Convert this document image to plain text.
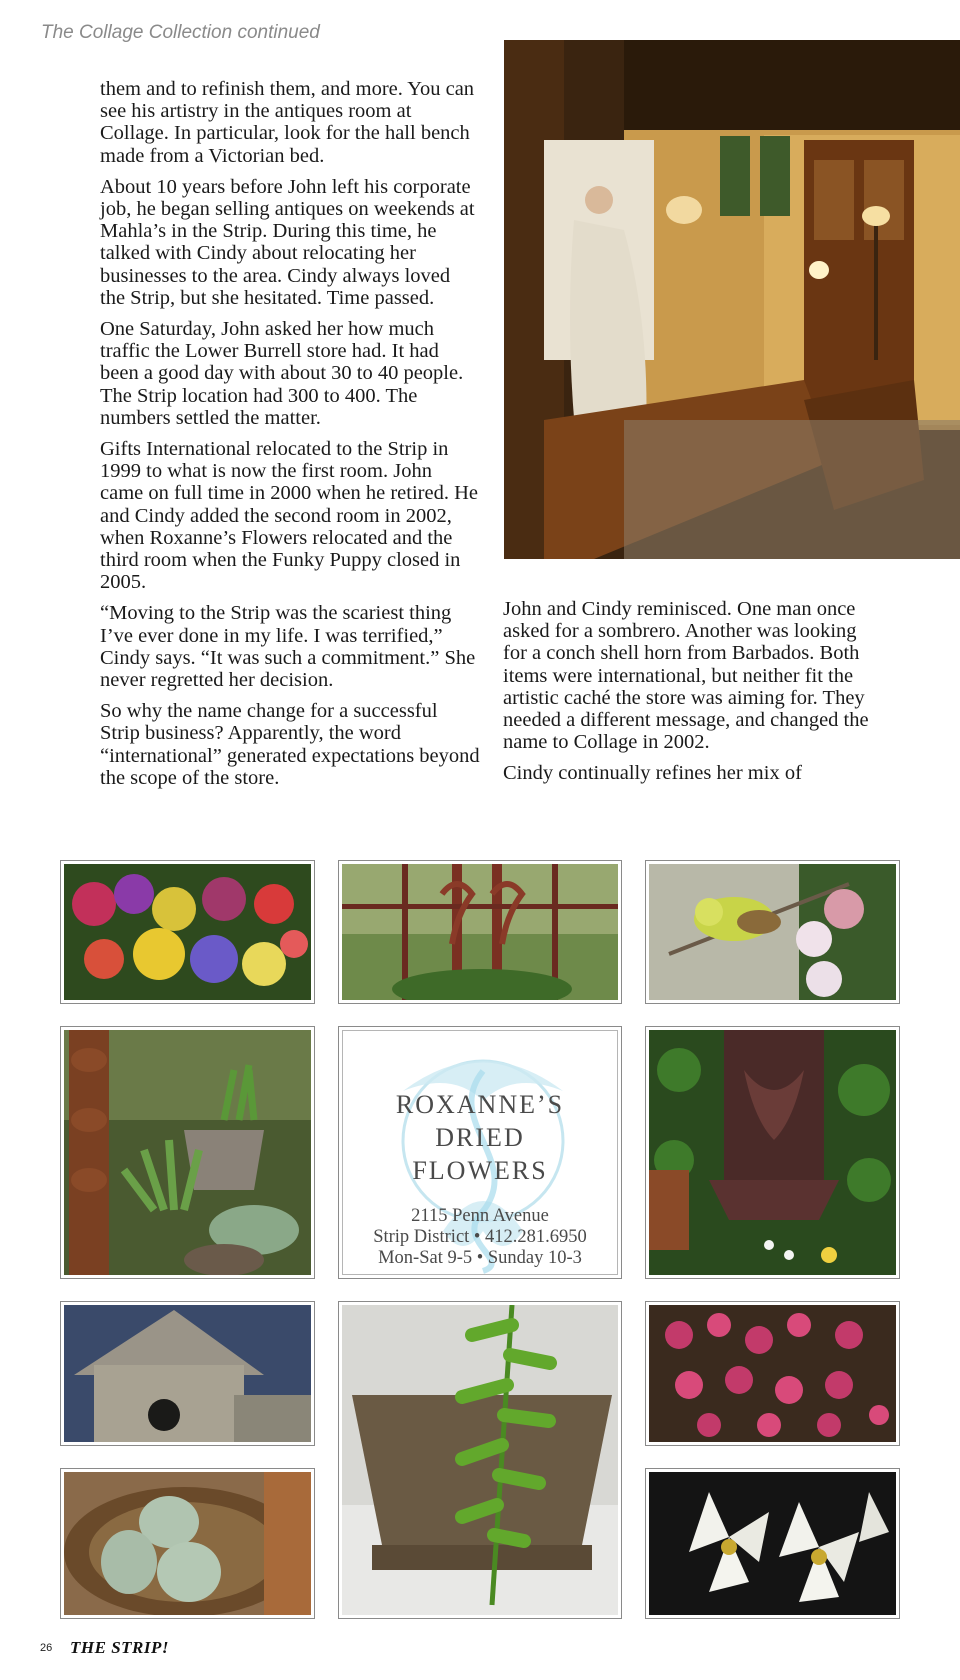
The Collage Collection continued

them and to refinish them, and more. You can see his artistry in the antiques room at Collage. In particular, look for the hall bench made from a Victorian bed.

About 10 years before John left his corporate job, he began selling antiques on weekends at Mahla’s in the Strip. During this time, he talked with Cindy about relocating her businesses to the area. Cindy always loved the Strip, but she hesitated. Time passed.

One Saturday, John asked her how much traffic the Lower Burrell store had. It had been a good day with about 30 to 40 people. The Strip location had 300 to 400. The numbers settled the matter.

Gifts International relocated to the Strip in 1999 to what is now the first room. John came on full time in 2000 when he retired. He and Cindy added the second room in 2002, when Roxanne’s Flowers relocated and the third room when the Funky Puppy closed in 2005.

“Moving to the Strip was the scariest thing I’ve ever done in my life. I was terrified,” Cindy says. “It was such a commitment.” She never regretted her decision.

So why the name change for a successful Strip business? Apparently, the word “international” generated expectations beyond the scope of the store.

John and Cindy reminisced. One man once asked for a sombrero. Another was looking for a conch shell horn from Barbados. Both items were international, but neither fit the artistic caché the store was aiming for. They needed a different message, and changed the name to Collage in 2002.

Cindy continually refines her mix of

ROXANNE’S
DRIED
FLOWERS
2115 Penn Avenue
Strip District • 412.281.6950
Mon-Sat 9-5 • Sunday 10-3
26 THE STRIP!
